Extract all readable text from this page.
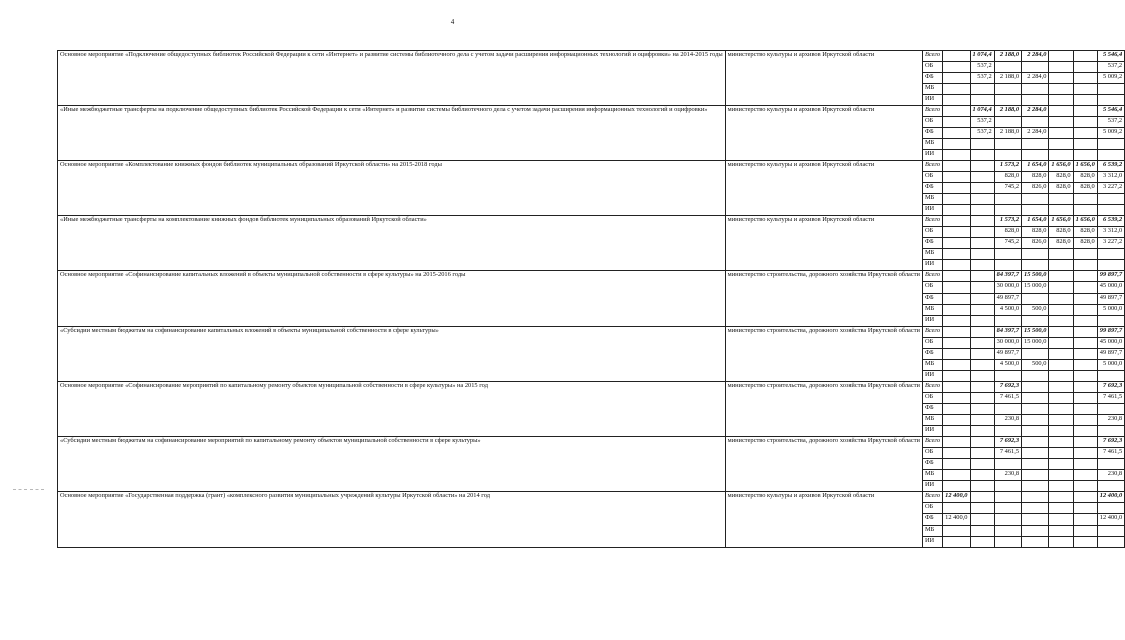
4

Основное мероприятие «Подключение общедоступных библиотек Российской Федерации к сети «Интернет» и развитие системы библиотечного дела с учетом задачи расширения информационных технологий и оцифровки» на 2014-2015 годы	министерство культуры и архивов Иркутской области	Всего		1 074,4	2 188,0	2 284,0			5 546,4
		ОБ		537,2					537,2
		ФБ		537,2	2 188,0	2 284,0			5 009,2
		МБ							
		ИИ							

«Иные межбюджетные трансферты на подключение общедоступных библиотек Российской Федерации к сети «Интернет» и развитие системы библиотечного дела с учетом задачи расширения информационных технологий и оцифровки»	министерство культуры и архивов Иркутской области	Всего		1 074,4	2 188,0	2 284,0			5 546,4
		ОБ		537,2					537,2
		ФБ		537,2	2 188,0	2 284,0			5 009,2
		МБ							
		ИИ							

Основное мероприятие «Комплектование книжных фондов библиотек муниципальных образований Иркутской области» на 2015-2018 годы	министерство культуры и архивов Иркутской области	Всего			1 573,2	1 654,0	1 656,0	1 656,0	6 539,2
		ОБ			828,0	828,0	828,0	828,0	3 312,0
		ФБ			745,2	826,0	828,0	828,0	3 227,2
		МБ							
		ИИ							

«Иные межбюджетные трансферты на комплектование книжных фондов библиотек муниципальных образований Иркутской области»	министерство культуры и архивов Иркутской области	Всего			1 573,2	1 654,0	1 656,0	1 656,0	6 539,2
		ОБ			828,0	828,0	828,0	828,0	3 312,0
		ФБ			745,2	826,0	828,0	828,0	3 227,2
		МБ							
		ИИ							

Основное мероприятие «Софинансирование капитальных вложений в объекты муниципальной собственности в сфере культуры» на 2015-2016 годы	министерство строительства, дорожного хозяйства Иркутской области	Всего			84 397,7	15 500,0			99 897,7
		ОБ			30 000,0	15 000,0			45 000,0
		ФБ			49 897,7				49 897,7
		МБ			4 500,0	500,0			5 000,0
		ИИ							

«Субсидии местным бюджетам на софинансирование капитальных вложений в объекты муниципальной собственности в сфере культуры»	министерство строительства, дорожного хозяйства Иркутской области	Всего			84 397,7	15 500,0			99 897,7
		ОБ			30 000,0	15 000,0			45 000,0
		ФБ			49 897,7				49 897,7
		МБ			4 500,0	500,0			5 000,0
		ИИ							

Основное мероприятие «Софинансирование мероприятий по капитальному ремонту объектов муниципальной собственности в сфере культуры» на 2015 год	министерство строительства, дорожного хозяйства Иркутской области	Всего			7 692,3				7 692,3
		ОБ			7 461,5				7 461,5
		ФБ							
		МБ			230,8				230,8
		ИИ							

«Субсидии местным бюджетам на софинансирование мероприятий по капитальному ремонту объектов муниципальной собственности в сфере культуры»	министерство строительства, дорожного хозяйства Иркутской области	Всего			7 692,3				7 692,3
		ОБ			7 461,5				7 461,5
		ФБ							
		МБ			230,8				230,8
		ИИ							

Основное мероприятие «Государственная поддержка (грант) «комплексного развития муниципальных учреждений культуры Иркутской области» на 2014 год	министерство культуры и архивов Иркутской области	Всего	12 400,0						12 400,0
		ОБ							
		ФБ	12 400,0						12 400,0
		МБ							
		ИИ							
